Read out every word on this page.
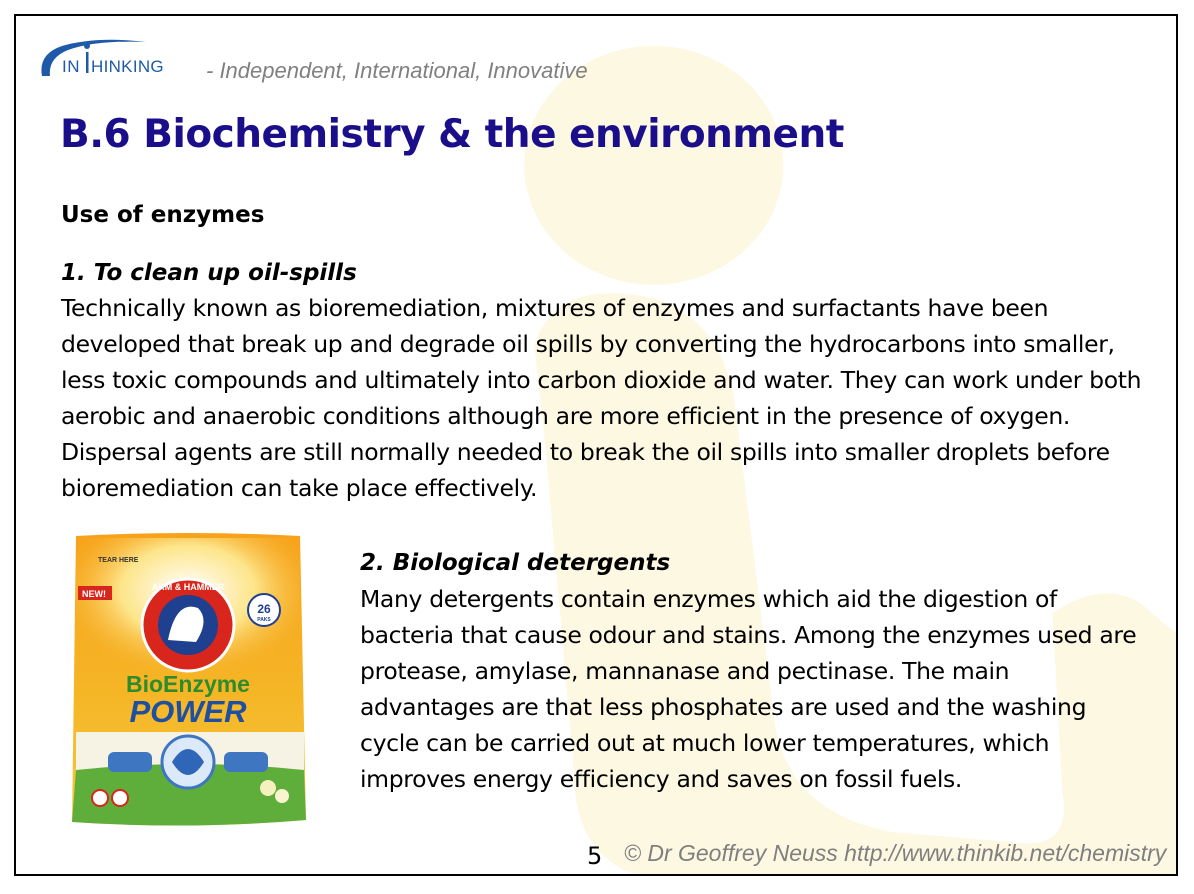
IN HINKING - Independent, International, Innovative
B.6 Biochemistry & the environment
Use of enzymes
1. To clean up oil-spills
Technically known as bioremediation, mixtures of enzymes and surfactants have been developed that break up and degrade oil spills by converting the hydrocarbons into smaller, less toxic compounds and ultimately into carbon dioxide and water. They can work under both aerobic and anaerobic conditions although are more efficient in the presence of oxygen. Dispersal agents are still normally needed to break the oil spills into smaller droplets before bioremediation can take place effectively.
TEAR HERE
NEW!
ARM & HAMMER
26
PAKS
BioEnzyme
POWER
2. Biological detergents
Many detergents contain enzymes which aid the digestion of bacteria that cause odour and stains. Among the enzymes used are protease, amylase, mannanase and pectinase. The main advantages are that less phosphates are used and the washing cycle can be carried out at much lower temperatures, which improves energy efficiency and saves on fossil fuels.
5 © Dr Geoffrey Neuss http://www.thinkib.net/chemistry
